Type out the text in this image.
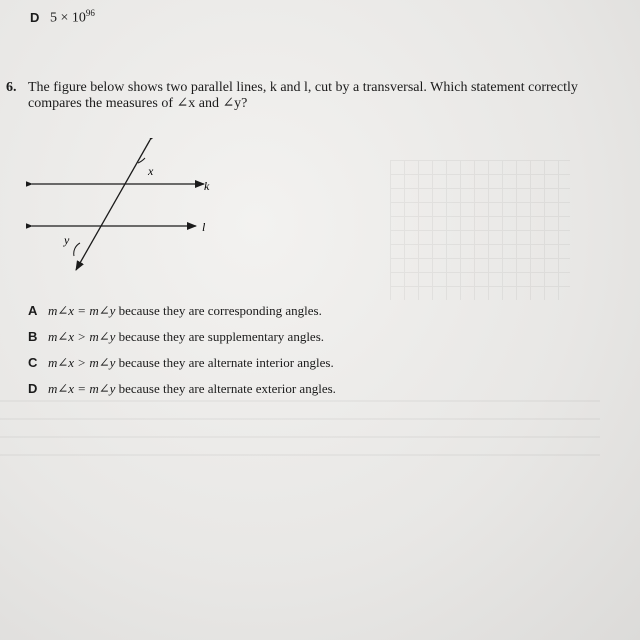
D $5 \times 10^{96}$
6. The figure below shows two parallel lines, k and l, cut by a transversal. Which statement correctly compares the measures of ∠x and ∠y?
x
y
k
l
A m∠x = m∠y because they are corresponding angles.
B m∠x > m∠y because they are supplementary angles.
C m∠x > m∠y because they are alternate interior angles.
D m∠x = m∠y because they are alternate exterior angles.
